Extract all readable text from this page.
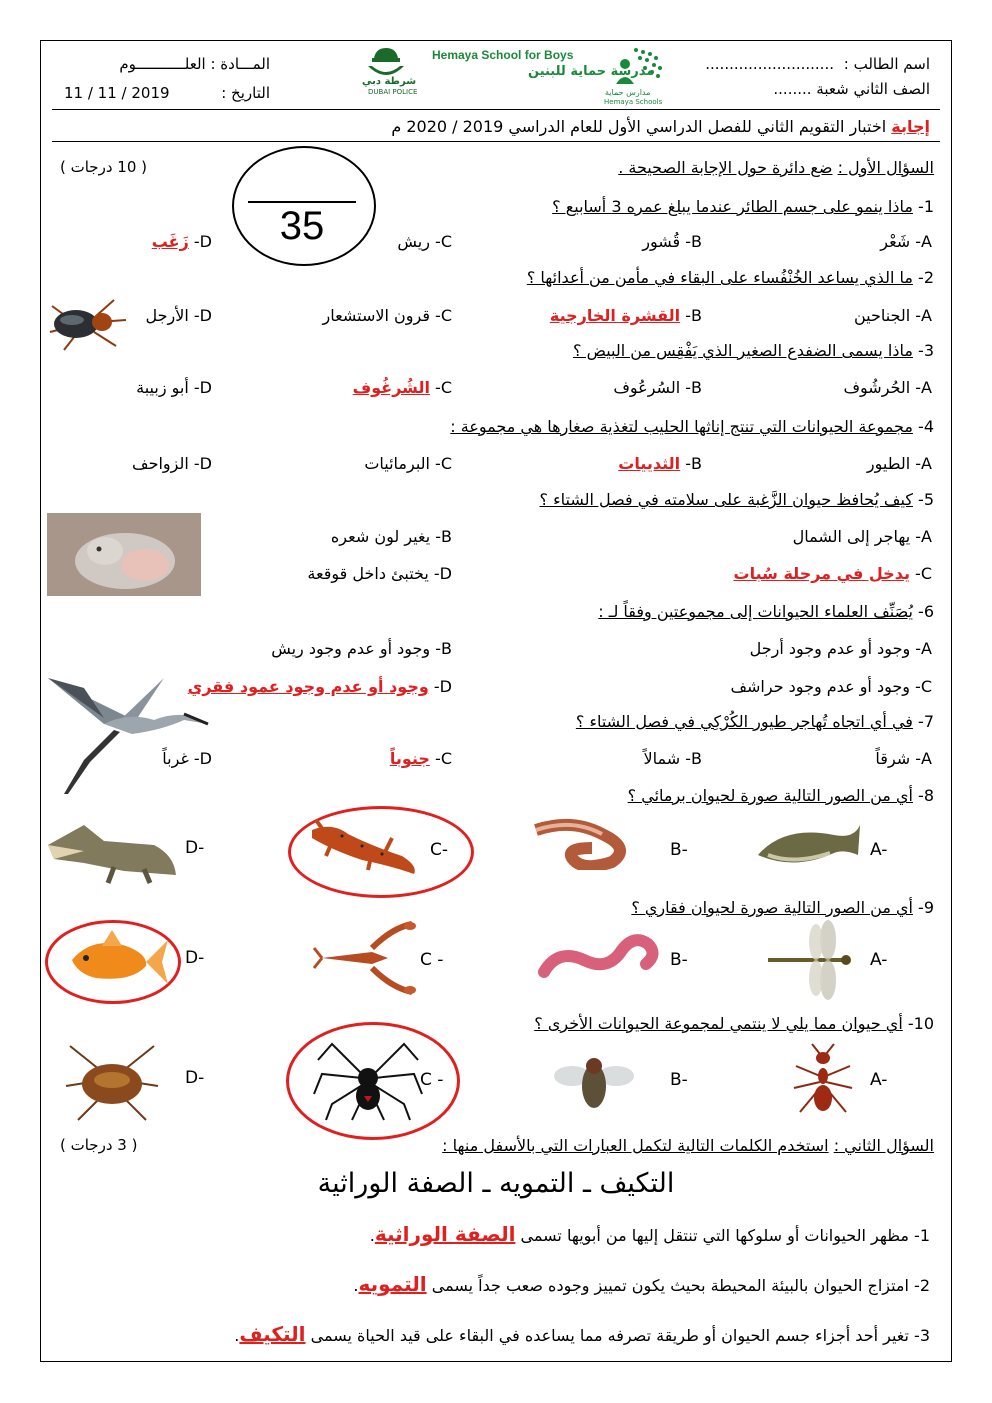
اسم الطالب :
...........................
الصف الثاني شعبة ........
المـــادة : العلـــــــــــوم
التاريخ :
11 / 11 / 2019	مدارس حماية
Hemaya Schools
Hemaya School for Boys
مدرسة حماية للبنين
شرطة دبي
DUBAI POLICE
إجابة اختبار التقويم الثاني للفصل الدراسي الأول للعام الدراسي 2019 / 2020 م
35
السؤال الأول : ضع دائرة حول الإجابة الصحيحة .
( 10 درجات )
1- ماذا ينمو على جسم الطائر عندما يبلغ عمره 3 أسابيع ؟
A- شَعْر
B- قُشور
C- ريش
D- زَغَب
2- ما الذي يساعد الخُنْفُساء على البقاء في مأمن من أعدائها ؟
A- الجناحين
B- القشرة الخارجية
C- قرون الاستشعار
D- الأرجل
3- ماذا يسمى الضفدع الصغير الذي يَفْقِس من البيض ؟
A- الحُرشُوف
B- السُرعُوف
C- الشُرغُوف
D- أبو زبيبة
4- مجموعة الحيوانات التي تنتج إناثها الحليب لتغذية صغارها هي مجموعة :
A- الطيور
B- الثدييات
C- البرمائيات
D- الزواحف
5- كيف يُحافظ حيوان الزَّغبة على سلامته في فصل الشتاء ؟
A- يهاجر إلى الشمال
B- يغير لون شعره
C- يدخل في مرحلة سُبات
D- يختبئ داخل قوقعة
6- يُصَنِّف العلماء الحيوانات إلى مجموعتين وفقاً لـ :
A- وجود أو عدم وجود أرجل
B- وجود أو عدم وجود ريش
C- وجود أو عدم وجود حراشف
D- وجود أو عدم وجود عمود فقري
7- في أي اتجاه تُهاجر طيور الكُرْكِي في فصل الشتاء ؟
A- شرقاً
B- شمالاً
C- جنوباً
D- غرباً
8- أي من الصور التالية صورة لحيوان برمائي ؟
A-
B-
C-
D-
9- أي من الصور التالية صورة لحيوان فقاري ؟
A-
B-
C -
D-
10- أي حيوان مما يلي لا ينتمي لمجموعة الحيوانات الأخرى ؟
A-
B-
C -
D-
السؤال الثاني : استخدم الكلمات التالية لتكمل العبارات التي بالأسفل منها :
( 3 درجات )
التكيف ـ التمويه ـ الصفة الوراثية
1- مظهر الحيوانات أو سلوكها التي تنتقل إليها من أبويها تسمى الصفة الوراثية.
2- امتزاج الحيوان بالبيئة المحيطة بحيث يكون تمييز وجوده صعب جداً يسمى التمويه.
3- تغير أحد أجزاء جسم الحيوان أو طريقة تصرفه مما يساعده في البقاء على قيد الحياة يسمى التكيف.
